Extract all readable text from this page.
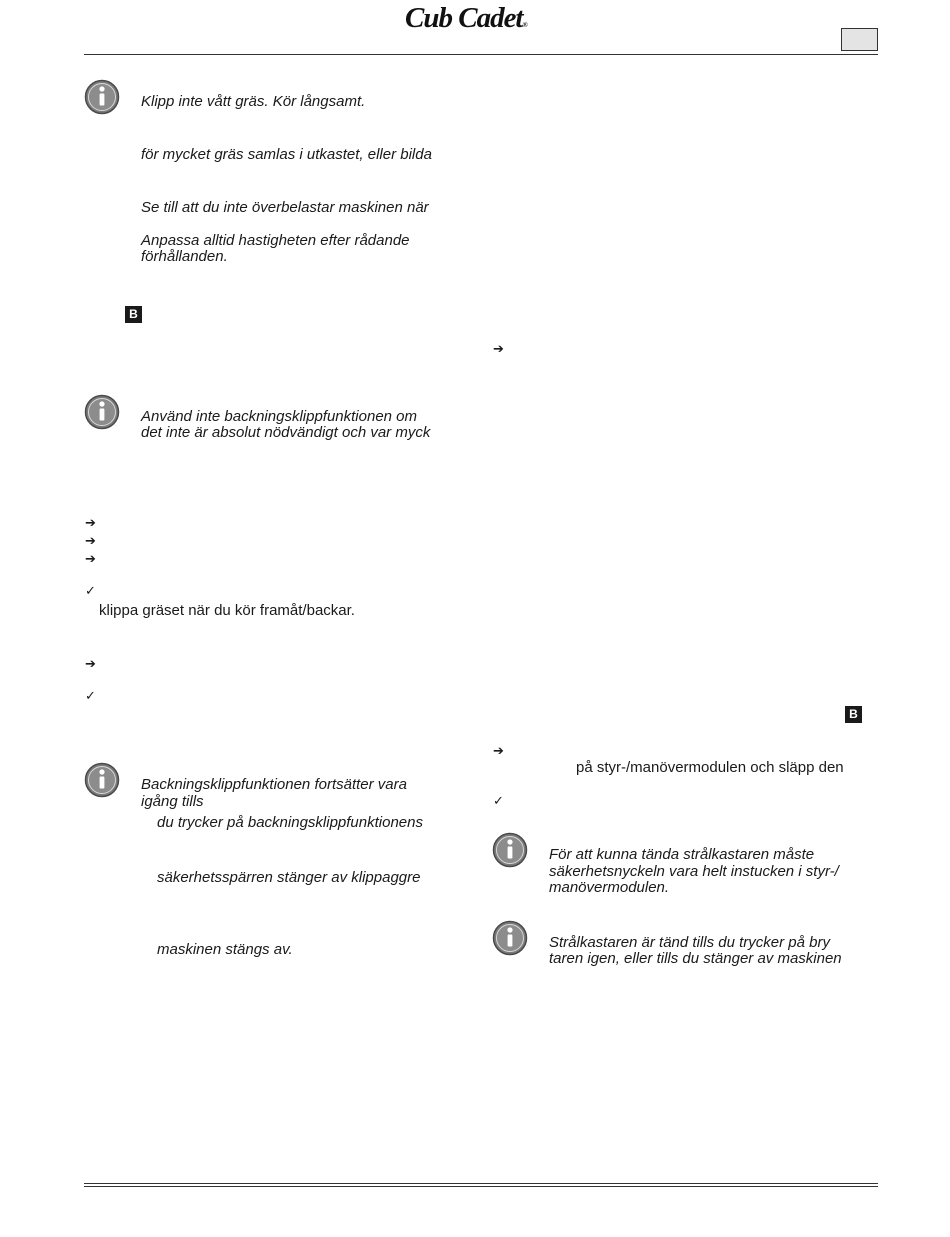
Cub Cadet®
Klipp inte vått gräs. Kör långsamt.
för mycket gräs samlas i utkastet, eller bilda
Se till att du inte överbelastar maskinen när
Anpassa alltid hastigheten efter rådande
förhållanden.
B
Använd inte backningsklippfunktionen om
det inte är absolut nödvändigt och var myck
➔
➔
➔
✓
klippa gräset när du kör framåt/backar.
➔
✓
Backningsklippfunktionen fortsätter vara
igång tills
du trycker på backningsklippfunktionens
säkerhetsspärren stänger av klippaggre
maskinen stängs av.
➔
B
➔
på styr-/manövermodulen och släpp den
✓
För att kunna tända strålkastaren måste
säkerhetsnyckeln vara helt instucken i styr-/
manövermodulen.
Strålkastaren är tänd tills du trycker på bry
taren igen, eller tills du stänger av maskinen
